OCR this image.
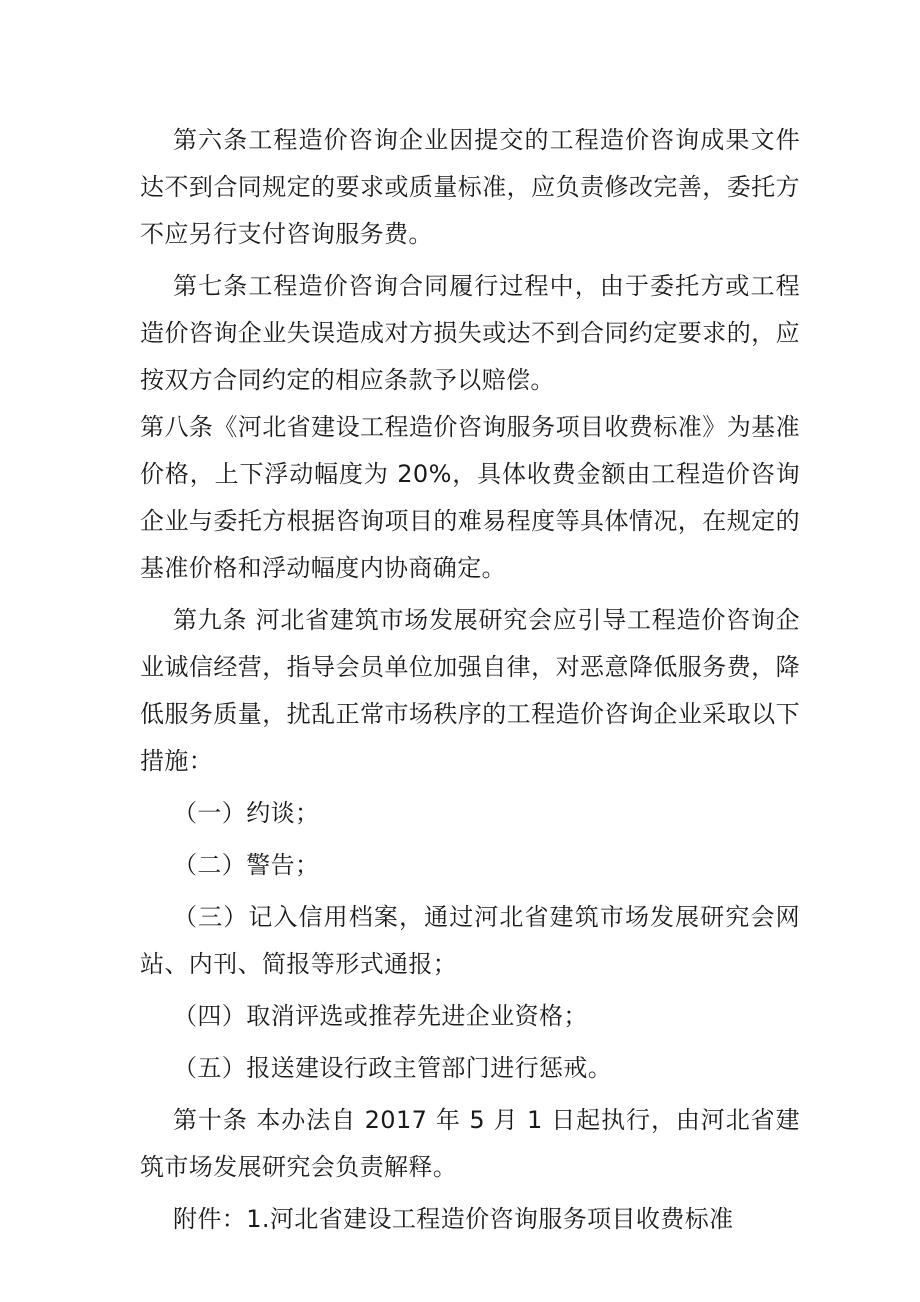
第六条工程造价咨询企业因提交的工程造价咨询成果文件达不到合同规定的要求或质量标准，应负责修改完善，委托方不应另行支付咨询服务费。

第七条工程造价咨询合同履行过程中，由于委托方或工程造价咨询企业失误造成对方损失或达不到合同约定要求的，应按双方合同约定的相应条款予以赔偿。

第八条《河北省建设工程造价咨询服务项目收费标准》为基准价格，上下浮动幅度为 20%，具体收费金额由工程造价咨询企业与委托方根据咨询项目的难易程度等具体情况，在规定的基准价格和浮动幅度内协商确定。

第九条 河北省建筑市场发展研究会应引导工程造价咨询企业诚信经营，指导会员单位加强自律，对恶意降低服务费，降低服务质量，扰乱正常市场秩序的工程造价咨询企业采取以下措施：

（一）约谈；

（二）警告；

（三）记入信用档案，通过河北省建筑市场发展研究会网站、内刊、简报等形式通报；

（四）取消评选或推荐先进企业资格；

（五）报送建设行政主管部门进行惩戒。

第十条 本办法自 2017 年 5 月 1 日起执行，由河北省建筑市场发展研究会负责解释。

附件：1.河北省建设工程造价咨询服务项目收费标准
